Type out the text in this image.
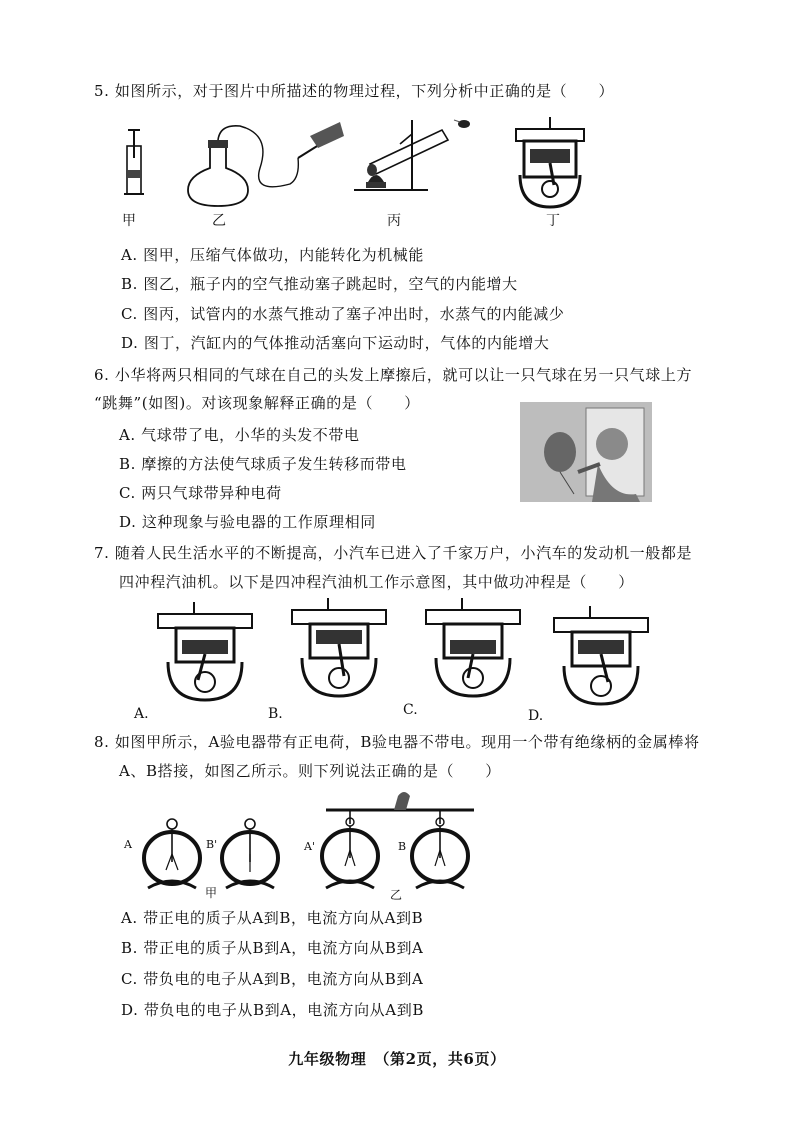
5. 如图所示，对于图片中所描述的物理过程，下列分析中正确的是（　　）
甲	乙	丙	丁
A. 图甲，压缩气体做功，内能转化为机械能
B. 图乙，瓶子内的空气推动塞子跳起时，空气的内能增大
C. 图丙，试管内的水蒸气推动了塞子冲出时，水蒸气的内能减少
D. 图丁，汽缸内的气体推动活塞向下运动时，气体的内能增大
6. 小华将两只相同的气球在自己的头发上摩擦后，就可以让一只气球在另一只气球上方
“跳舞”(如图)。对该现象解释正确的是（　　）
A. 气球带了电，小华的头发不带电
B. 摩擦的方法使气球质子发生转移而带电
C. 两只气球带异种电荷
D. 这种现象与验电器的工作原理相同
7. 随着人民生活水平的不断提高，小汽车已进入了千家万户，小汽车的发动机一般都是
四冲程汽油机。以下是四冲程汽油机工作示意图，其中做功冲程是（　　）
A.	B.	C.	D.
8. 如图甲所示，A验电器带有正电荷，B验电器不带电。现用一个带有绝缘柄的金属棒将
A、B搭接，如图乙所示。则下列说法正确的是（　　）
A	B'
甲
A'	B
乙
A. 带正电的质子从A到B，电流方向从A到B
B. 带正电的质子从B到A，电流方向从B到A
C. 带负电的电子从A到B，电流方向从B到A
D. 带负电的电子从B到A，电流方向从A到B
九年级物理　（第2页，共6页）
